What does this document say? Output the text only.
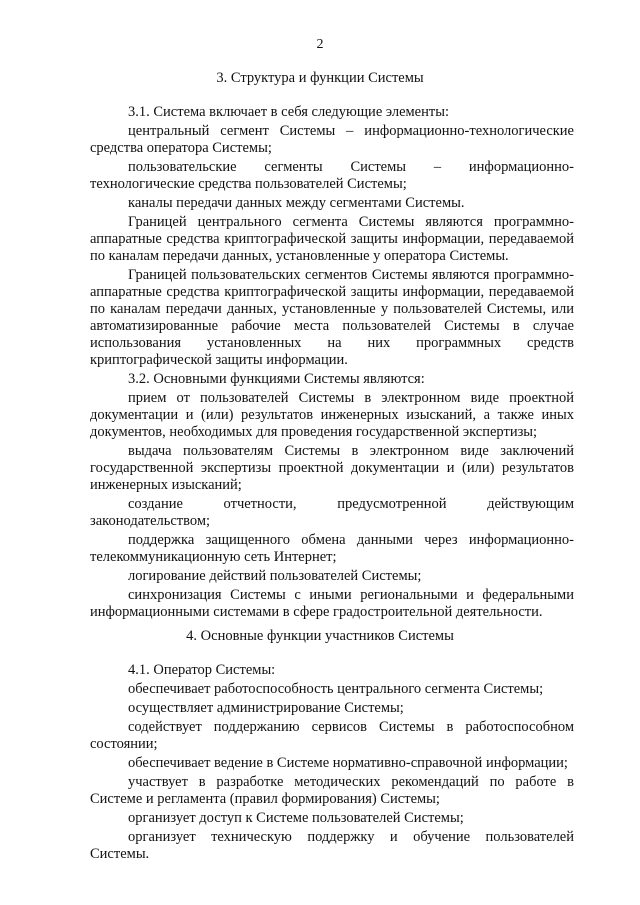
2
3. Структура и функции Системы

3.1. Система включает в себя следующие элементы:

центральный сегмент Системы – информационно-технологические средства оператора Системы;

пользовательские сегменты Системы – информационно-технологические средства пользователей Системы;

каналы передачи данных между сегментами Системы.

Границей центрального сегмента Системы являются программно-аппаратные средства криптографической защиты информации, передаваемой по каналам передачи данных, установленные у оператора Системы.

Границей пользовательских сегментов Системы являются программно-аппаратные средства криптографической защиты информации, передаваемой по каналам передачи данных, установленные у пользователей Системы, или автоматизированные рабочие места пользователей Системы в случае использования установленных на них программных средств криптографической защиты информации.

3.2. Основными функциями Системы являются:

прием от пользователей Системы в электронном виде проектной документации и (или) результатов инженерных изысканий, а также иных документов, необходимых для проведения государственной экспертизы;

выдача пользователям Системы в электронном виде заключений государственной экспертизы проектной документации и (или) результатов инженерных изысканий;

создание отчетности, предусмотренной действующим законодательством;

поддержка защищенного обмена данными через информационно-телекоммуникационную сеть Интернет;

логирование действий пользователей Системы;

синхронизация Системы с иными региональными и федеральными информационными системами в сфере градостроительной деятельности.

4. Основные функции участников Системы

4.1. Оператор Системы:

обеспечивает работоспособность центрального сегмента Системы;

осуществляет администрирование Системы;

содействует поддержанию сервисов Системы в работоспособном состоянии;

обеспечивает ведение в Системе нормативно-справочной информации;

участвует в разработке методических рекомендаций по работе в Системе и регламента (правил формирования) Системы;

организует доступ к Системе пользователей Системы;

организует техническую поддержку и обучение пользователей Системы.
